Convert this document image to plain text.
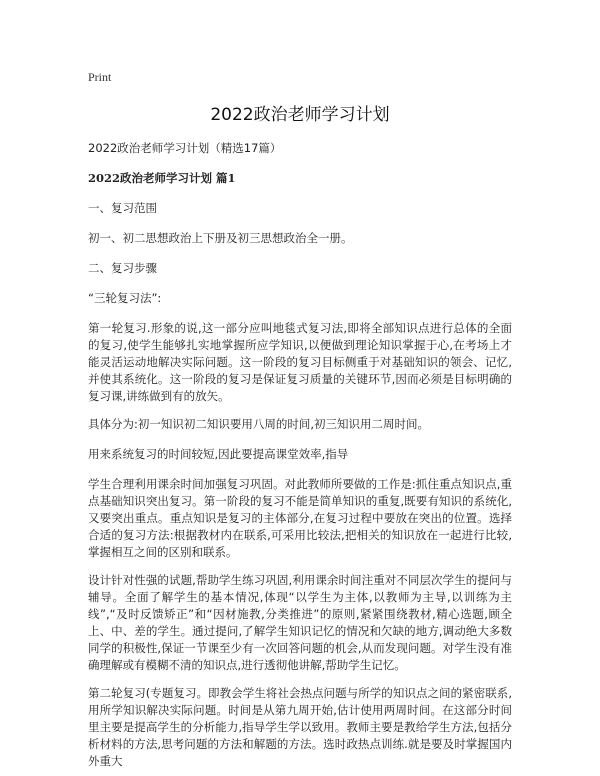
Print
2022政治老师学习计划
2022政治老师学习计划（精选17篇）
2022政治老师学习计划 篇1

一、复习范围

初一、初二思想政治上下册及初三思想政治全一册。

二、复习步骤

“三轮复习法”:

第一轮复习.形象的说,这一部分应叫地毯式复习法,即将全部知识点进行总体的全面的复习,使学生能够扎实地掌握所应学知识,以便做到理论知识掌握于心,在考场上才能灵活运动地解决实际问题。这一阶段的复习目标侧重于对基础知识的领会、记忆,并使其系统化。这一阶段的复习是保证复习质量的关键环节,因而必须是目标明确的复习课,讲练做到有的放矢。

具体分为:初一知识初二知识要用八周的时间,初三知识用二周时间。

用来系统复习的时间较短,因此要提高课堂效率,指导

学生合理利用课余时间加强复习巩固。对此教师所要做的工作是:抓住重点知识点,重点基础知识突出复习。第一阶段的复习不能是简单知识的重复,既要有知识的系统化,又要突出重点。重点知识是复习的主体部分,在复习过程中要放在突出的位置。选择合适的复习方法:根据教材内在联系,可采用比较法,把相关的知识放在一起进行比较,掌握相互之间的区别和联系。

设计针对性强的试题,帮助学生练习巩固,利用课余时间注重对不同层次学生的提问与辅导。全面了解学生的基本情况,体现“以学生为主体,以教师为主导,以训练为主线”,“及时反馈矫正”和“因材施教,分类推进”的原则,紧紧围绕教材,精心选题,顾全上、中、差的学生。通过提问,了解学生知识记忆的情况和欠缺的地方,调动绝大多数同学的积极性,保证一节课至少有一次回答问题的机会,从而发现问题。对学生没有准确理解或有模糊不清的知识点,进行透彻他讲解,帮助学生记忆。

第二轮复习(专题复习。即教会学生将社会热点问题与所学的知识点之间的紧密联系,用所学知识解决实际问题。时间是从第九周开始,估计使用两周时间。在这部分时间里主要是提高学生的分析能力,指导学生学以致用。教师主要是教给学生方法,包括分析材料的方法,思考问题的方法和解题的方法。选时政热点训练.就是要及时掌握国内外重大
